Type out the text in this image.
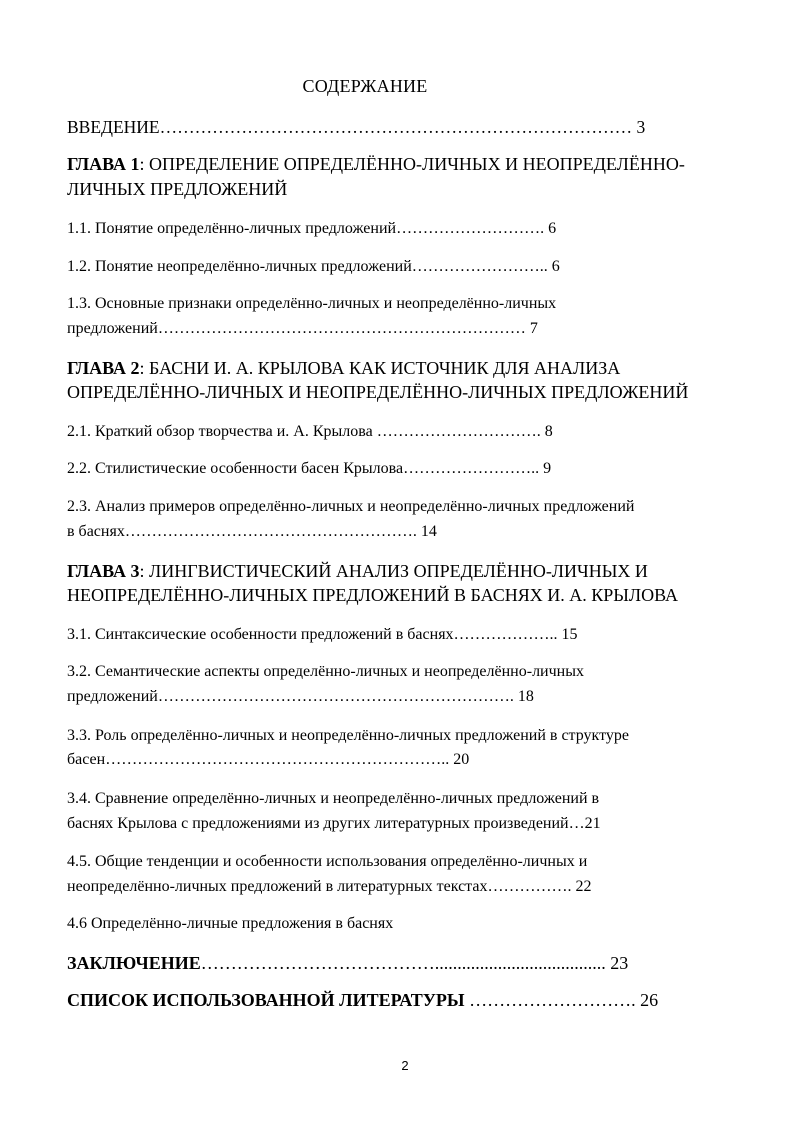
СОДЕРЖАНИЕ
ВВЕДЕНИЕ……………………………………………………………………… 3
ГЛАВА 1: ОПРЕДЕЛЕНИЕ ОПРЕДЕЛЁННО-ЛИЧНЫХ И НЕОПРЕДЕЛЁННО-
ЛИЧНЫХ ПРЕДЛОЖЕНИЙ
1.1. Понятие определённо-личных предложений………………………. 6
1.2. Понятие неопределённо-личных предложений…………………….. 6
1.3. Основные признаки определённо-личных и неопределённо-личных
предложений…………………………………………………………… 7
ГЛАВА 2: БАСНИ И. А. КРЫЛОВА КАК ИСТОЧНИК ДЛЯ АНАЛИЗА
ОПРЕДЕЛЁННО-ЛИЧНЫХ И НЕОПРЕДЕЛЁННО-ЛИЧНЫХ ПРЕДЛОЖЕНИЙ
2.1. Краткий обзор творчества и. А. Крылова …………………………. 8
2.2. Стилистические особенности басен Крылова…………………….. 9
2.3. Анализ примеров определённо-личных и неопределённо-личных предложений
в баснях………………………………………………. 14
ГЛАВА 3: ЛИНГВИСТИЧЕСКИЙ АНАЛИЗ ОПРЕДЕЛЁННО-ЛИЧНЫХ И
НЕОПРЕДЕЛЁННО-ЛИЧНЫХ ПРЕДЛОЖЕНИЙ В БАСНЯХ И. А. КРЫЛОВА
3.1. Синтаксические особенности предложений в баснях……………….. 15
3.2. Семантические аспекты определённо-личных и неопределённо-личных
предложений…………………………………………………………. 18
3.3. Роль определённо-личных и неопределённо-личных предложений в структуре
басен……………………………………………………….. 20
3.4. Сравнение определённо-личных и неопределённо-личных предложений в
баснях Крылова с предложениями из других литературных произведений…21
4.5. Общие тенденции и особенности использования определённо-личных и
неопределённо-личных предложений в литературных текстах……………. 22
4.6 Определённо-личные предложения в баснях
ЗАКЛЮЧЕНИЕ…………………………………...................................... 23
СПИСОК ИСПОЛЬЗОВАННОЙ ЛИТЕРАТУРЫ ………………………. 26
2
